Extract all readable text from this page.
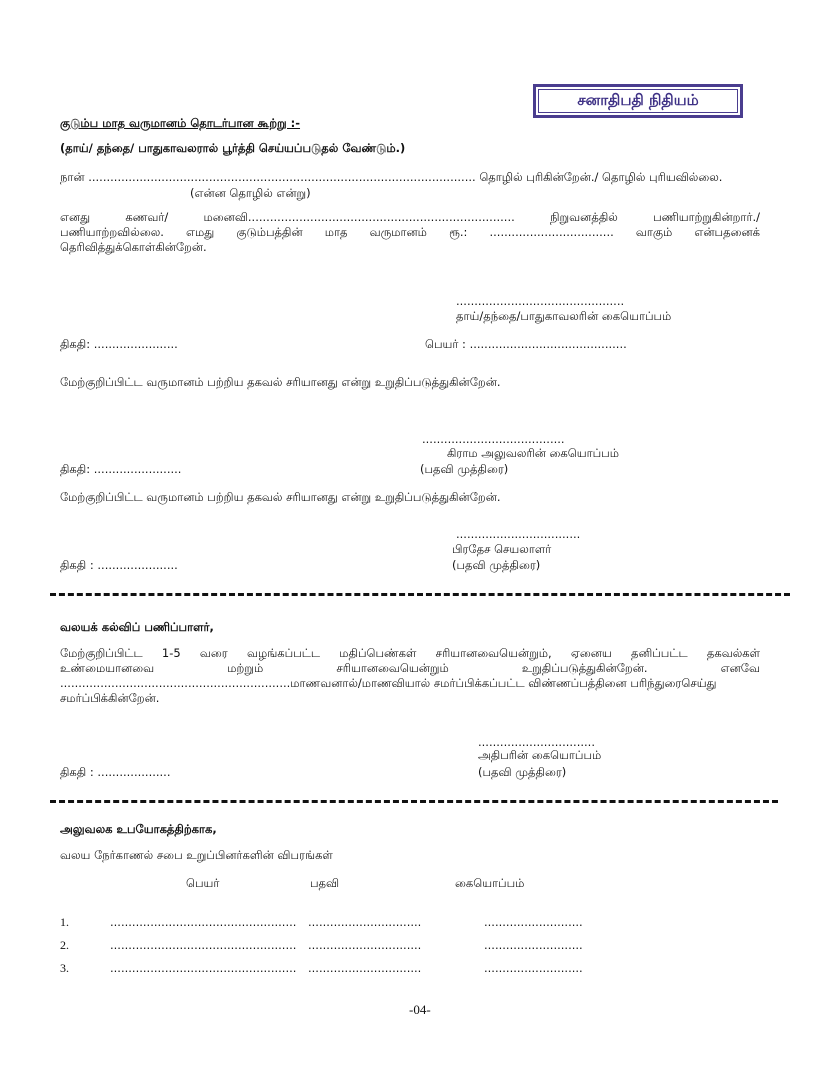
சனாதிபதி நிதியம்
குடும்ப மாத வருமானம் தொடர்பான கூற்று :-
(தாய்/ தந்தை/ பாதுகாவலரால் பூர்த்தி செய்யப்படுதல் வேண்டும்.)
நான் .......................................................................................................... தொழில் புரிகின்றேன்./ தொழில் புரியவில்லை.
(என்ன தொழில் என்று)
எனது	கணவர்/	மனைவி.........................................................................	நிறுவனத்தில்	பணியாற்றுகின்றார்./
பணியாற்றவில்லை. எமது குடும்பத்தின் மாத வருமானம் ரூ.: .................................. வாகும் என்பதனைக்
தெரிவித்துக்கொள்கின்றேன்.
..............................................
தாய்/தந்தை/பாதுகாவலரின் கையொப்பம்
திகதி: .......................	பெயர் : ...........................................
மேற்குறிப்பிட்ட வருமானம் பற்றிய தகவல் சரியானது என்று உறுதிப்படுத்துகின்றேன்.
.......................................
கிராம அலுவலரின் கையொப்பம்
திகதி: ........................	(பதவி முத்திரை)
மேற்குறிப்பிட்ட வருமானம் பற்றிய தகவல் சரியானது என்று உறுதிப்படுத்துகின்றேன்.
..................................
பிரதேச செயலாளர்
திகதி : ......................	(பதவி முத்திரை)
வலயக் கல்விப் பணிப்பாளர்,
மேற்குறிப்பிட்ட 1-5 வரை வழங்கப்பட்ட மதிப்பெண்கள் சரியானவையென்றும், ஏனைய தனிப்பட்ட தகவல்கள்
உண்மையானவை	மற்றும்	சரியானவையென்றும்	உறுதிப்படுத்துகின்றேன்.	எனவே
...............................................................மாணவனால்/மாணவியால் சமர்ப்பிக்கப்பட்ட விண்ணப்பத்தினை பரிந்துரைசெய்து
சமர்ப்பிக்கின்றேன்.
................................
அதிபரின் கையொப்பம்
திகதி : ....................	(பதவி முத்திரை)
அலுவலக உபயோகத்திற்காக,
வலய நேர்காணல் சபை உறுப்பினர்களின் விபரங்கள்
பெயர்	பதவி	கையொப்பம்
1.	................................................... ...............................	...........................
2.	................................................... ...............................	...........................
3.	................................................... ...............................	...........................
-04-
